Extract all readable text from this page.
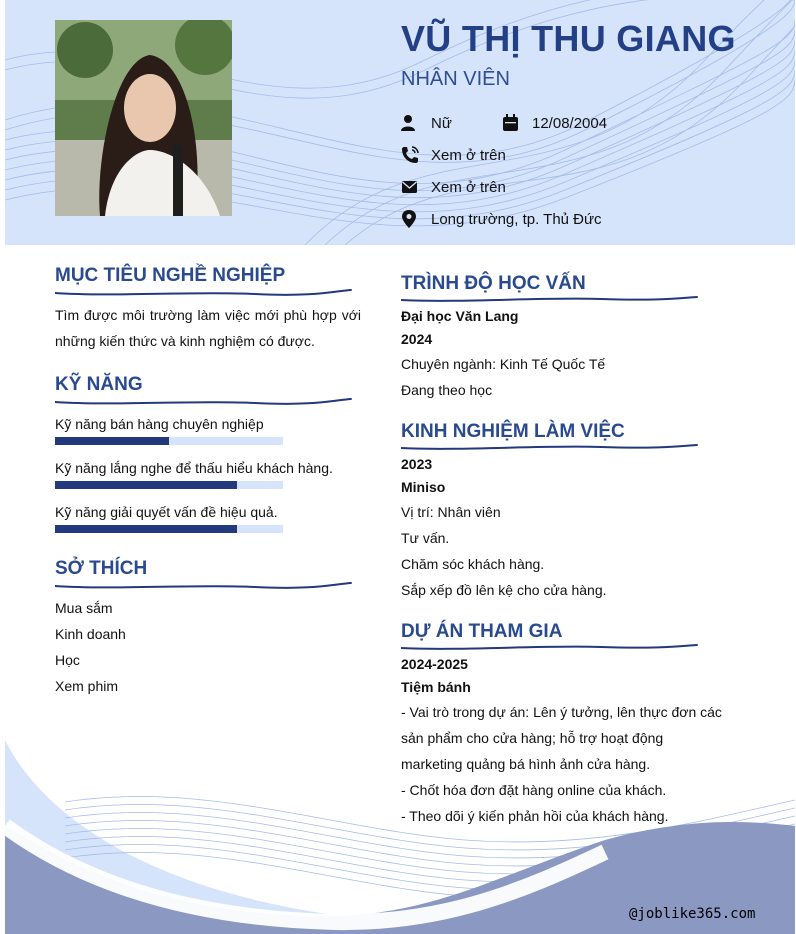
VŨ THỊ THU GIANG
NHÂN VIÊN
Nữ	12/08/2004
Xem ở trên
Xem ở trên
Long trường, tp. Thủ Đức
MỤC TIÊU NGHỀ NGHIỆP
Tìm được môi trường làm việc mới phù hợp với những kiến thức và kinh nghiệm có được.
KỸ NĂNG
Kỹ năng bán hàng chuyên nghiệp
Kỹ năng lắng nghe để thấu hiểu khách hàng.
Kỹ năng giải quyết vấn đề hiệu quả.
SỞ THÍCH
Mua sắm
Kinh doanh
Học
Xem phim
TRÌNH ĐỘ HỌC VẤN
Đại học Văn Lang
2024
Chuyên ngành: Kinh Tế Quốc Tế
Đang theo học
KINH NGHIỆM LÀM VIỆC
2023
Miniso
Vị trí: Nhân viên
Tư vấn.
Chăm sóc khách hàng.
Sắp xếp đồ lên kệ cho cửa hàng.
DỰ ÁN THAM GIA
2024-2025
Tiệm bánh
- Vai trò trong dự án: Lên ý tưởng, lên thực đơn các sản phẩm cho cửa hàng; hỗ trợ hoạt động marketing quảng bá hình ảnh cửa hàng.
- Chốt hóa đơn đặt hàng online của khách.
- Theo dõi ý kiến phản hồi của khách hàng.
@joblike365.com
